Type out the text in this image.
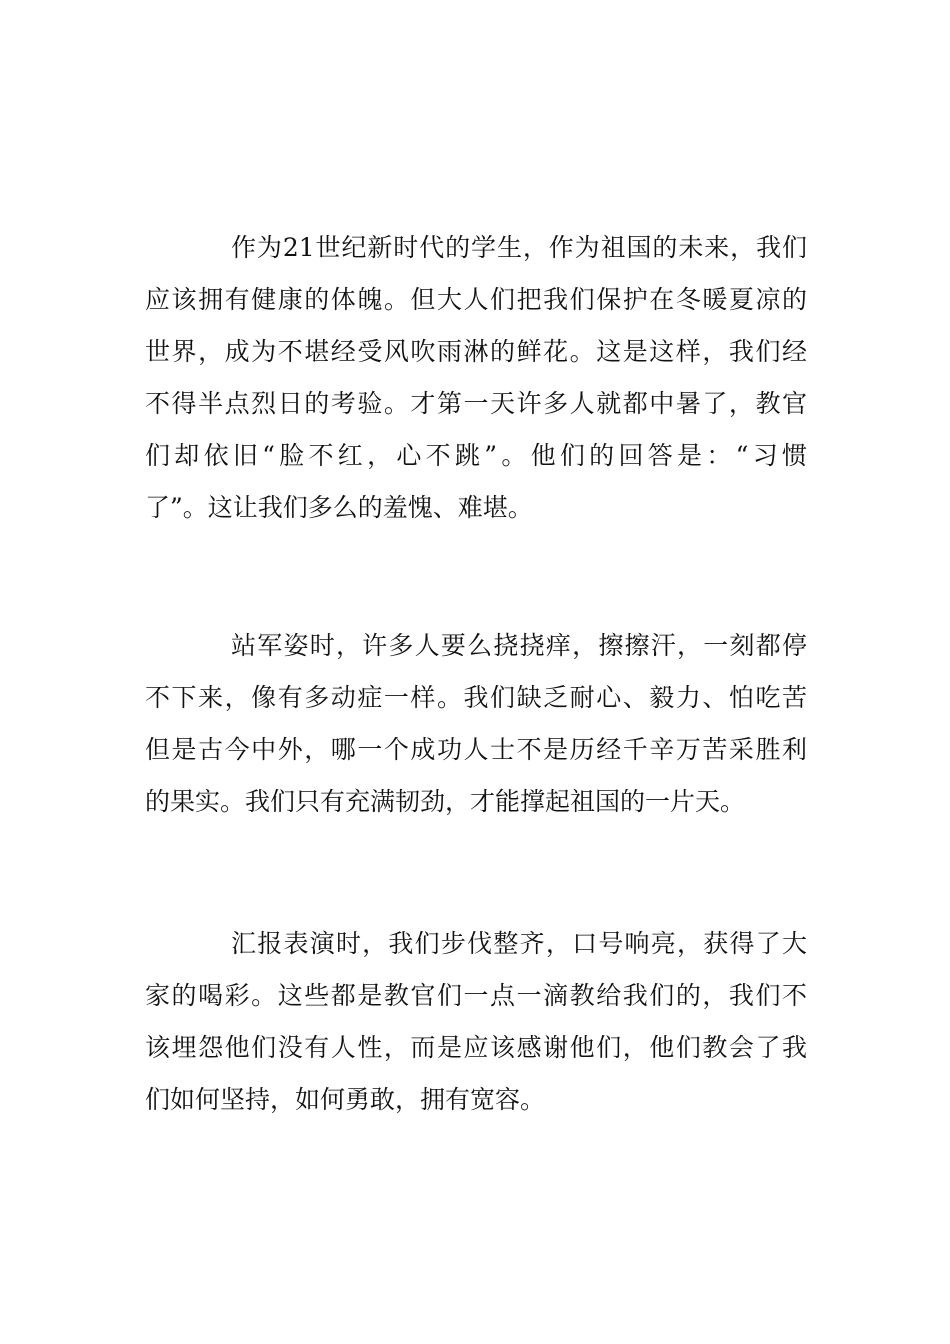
作为21世纪新时代的学生，作为祖国的未来，我们
应该拥有健康的体魄。但大人们把我们保护在冬暖夏凉的
世界，成为不堪经受风吹雨淋的鲜花。这是这样，我们经
不得半点烈日的考验。才第一天许多人就都中暑了，教官
们却依旧“脸不红，心不跳”。他们的回答是：“习惯
了”。这让我们多么的羞愧、难堪。
站军姿时，许多人要么挠挠痒，擦擦汗，一刻都停
不下来，像有多动症一样。我们缺乏耐心、毅力、怕吃苦
但是古今中外，哪一个成功人士不是历经千辛万苦采胜利
的果实。我们只有充满韧劲，才能撑起祖国的一片天。
汇报表演时，我们步伐整齐，口号响亮，获得了大
家的喝彩。这些都是教官们一点一滴教给我们的，我们不
该埋怨他们没有人性，而是应该感谢他们，他们教会了我
们如何坚持，如何勇敢，拥有宽容。
